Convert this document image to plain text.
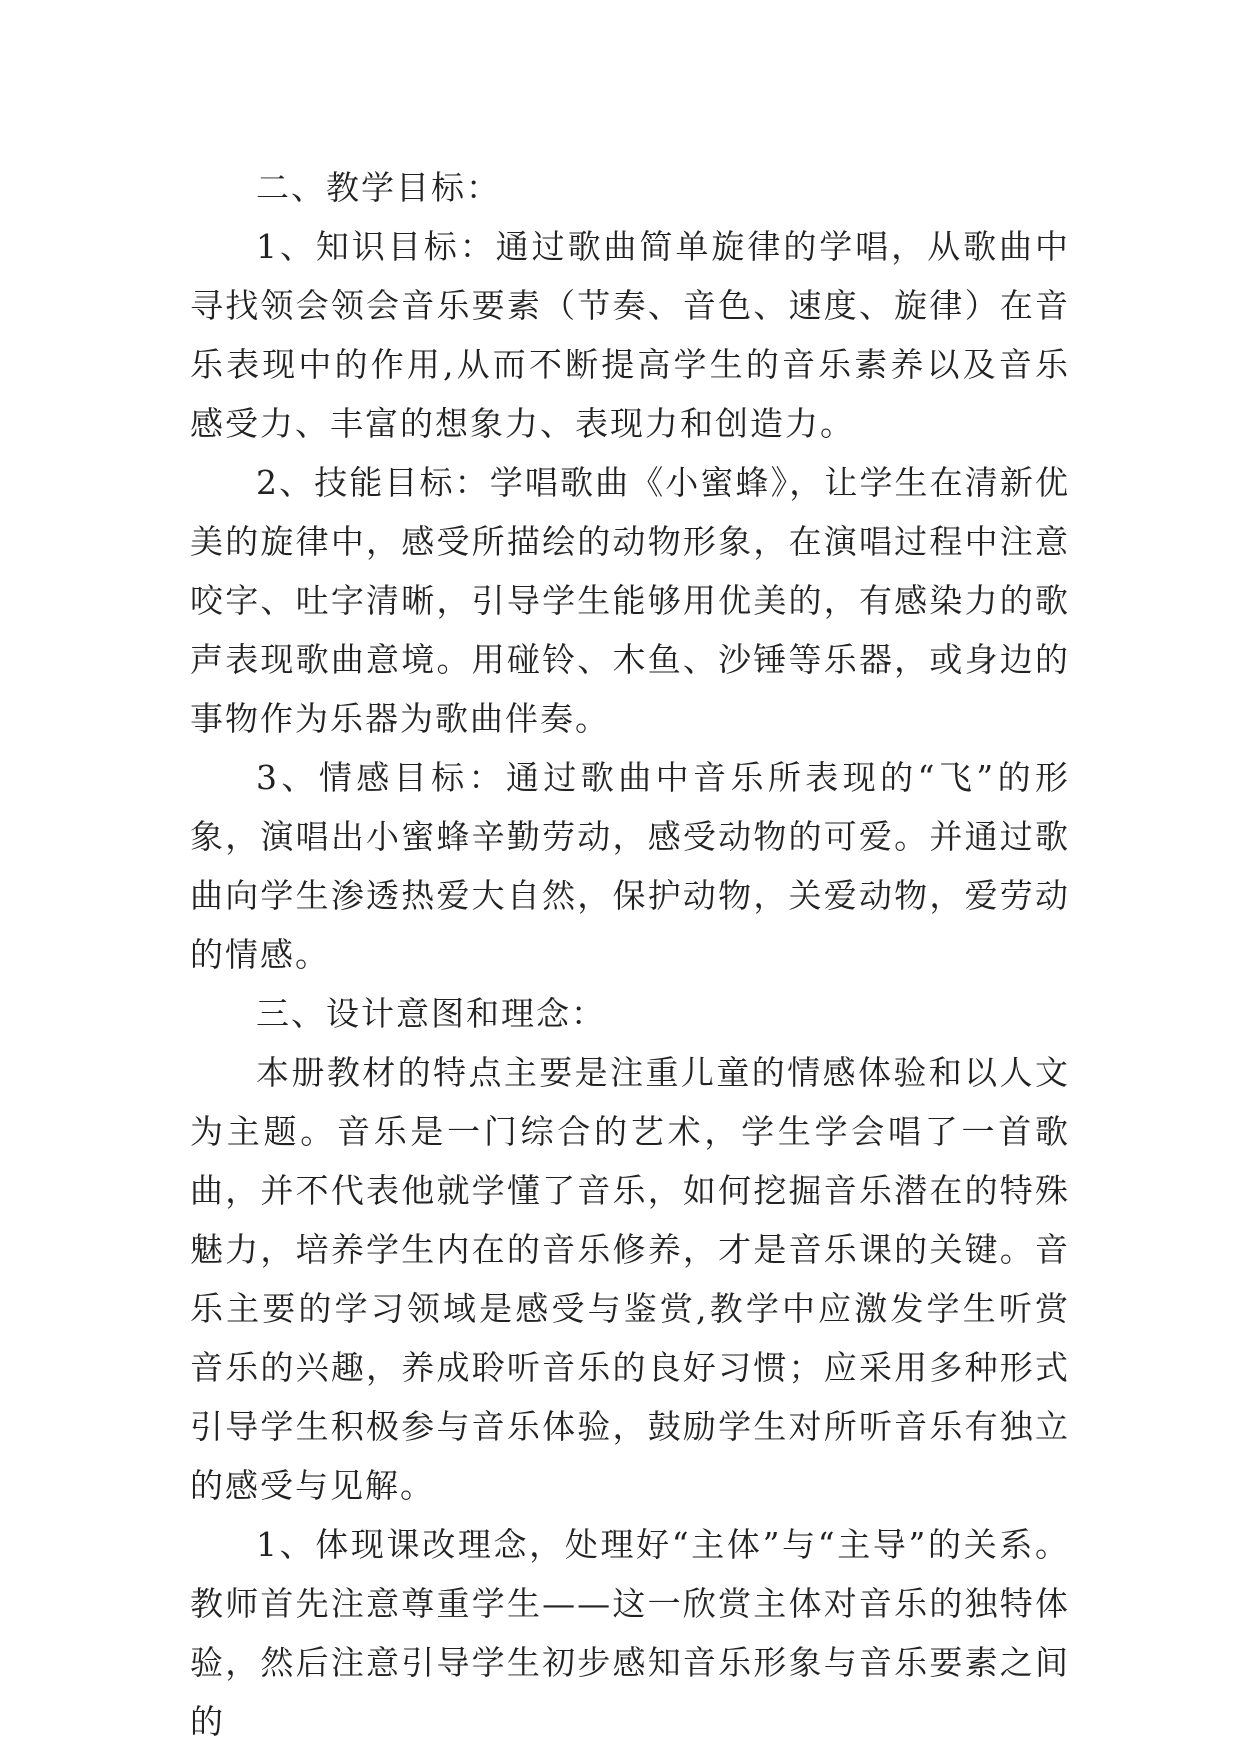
二、教学目标：

1、知识目标：通过歌曲简单旋律的学唱，从歌曲中寻找领会领会音乐要素（节奏、音色、速度、旋律）在音乐表现中的作用,从而不断提高学生的音乐素养以及音乐感受力、丰富的想象力、表现力和创造力。

2、技能目标：学唱歌曲《小蜜蜂》，让学生在清新优美的旋律中，感受所描绘的动物形象，在演唱过程中注意咬字、吐字清晰，引导学生能够用优美的，有感染力的歌声表现歌曲意境。用碰铃、木鱼、沙锤等乐器，或身边的事物作为乐器为歌曲伴奏。

3、情感目标：通过歌曲中音乐所表现的“飞”的形象，演唱出小蜜蜂辛勤劳动，感受动物的可爱。并通过歌曲向学生渗透热爱大自然，保护动物，关爱动物，爱劳动的情感。

三、设计意图和理念：

本册教材的特点主要是注重儿童的情感体验和以人文为主题。音乐是一门综合的艺术，学生学会唱了一首歌曲，并不代表他就学懂了音乐，如何挖掘音乐潜在的特殊魅力，培养学生内在的音乐修养，才是音乐课的关键。音乐主要的学习领域是感受与鉴赏,教学中应激发学生听赏音乐的兴趣，养成聆听音乐的良好习惯；应采用多种形式引导学生积极参与音乐体验，鼓励学生对所听音乐有独立的感受与见解。

1、体现课改理念，处理好“主体”与“主导”的关系。教师首先注意尊重学生——这一欣赏主体对音乐的独特体验，然后注意引导学生初步感知音乐形象与音乐要素之间的
